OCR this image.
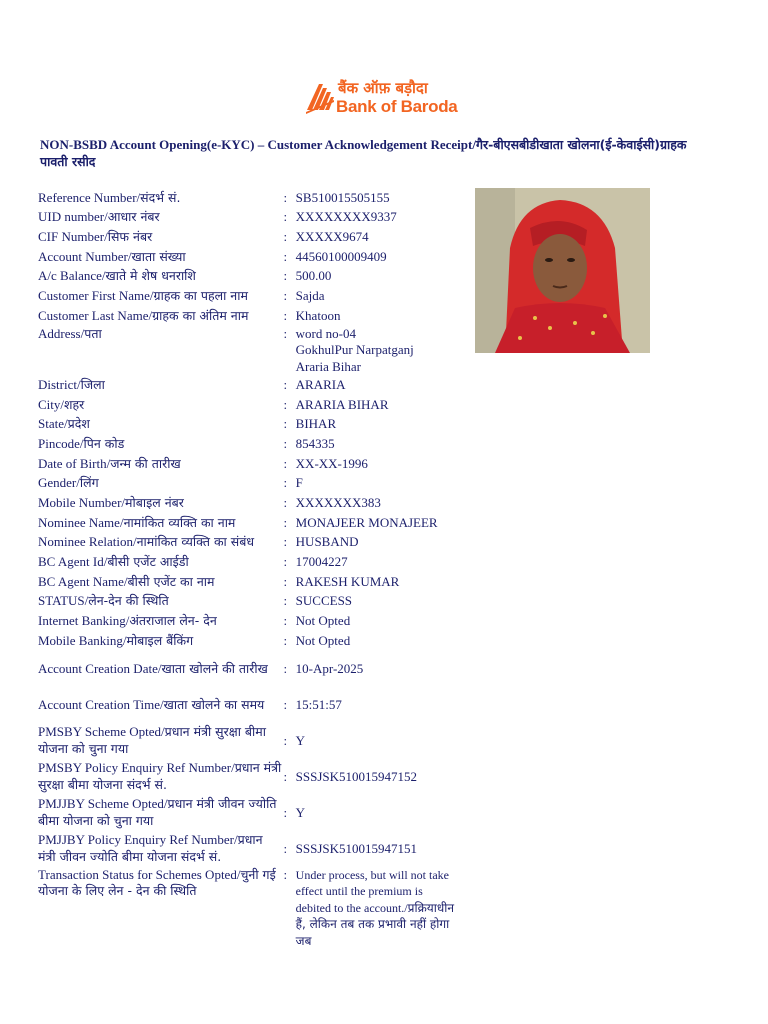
बैंक ऑफ़ बड़ौदा
Bank of Baroda
NON-BSBD Account Opening(e-KYC) – Customer Acknowledgement Receipt/गैर-बीएसबीडीखाता खोलना(ई-केवाईसी)ग्राहक पावती रसीद
Reference Number/संदर्भ सं.	:	SB510015505155
UID number/आधार नंबर	:	XXXXXXXX9337
CIF Number/सिफ नंबर	:	XXXXX9674
Account Number/खाता संख्या	:	44560100009409
A/c Balance/खाते मे शेष धनराशि	:	500.00
Customer First Name/ग्राहक का पहला नाम	:	Sajda
Customer Last Name/ग्राहक का अंतिम नाम	:	Khatoon
Address/पता	:	word no-04
GokhulPur Narpatganj
Araria Bihar

District/जिला	:	ARARIA
City/शहर	:	ARARIA BIHAR
State/प्रदेश	:	BIHAR
Pincode/पिन कोड	:	854335
Date of Birth/जन्म की तारीख	:	XX-XX-1996
Gender/लिंग	:	F
Mobile Number/मोबाइल नंबर	:	XXXXXXX383
Nominee Name/नामांकित व्यक्ति का नाम	:	MONAJEER MONAJEER
Nominee Relation/नामांकित व्यक्ति का संबंध	:	HUSBAND
BC Agent Id/बीसी एजेंट आईडी	:	17004227
BC Agent Name/बीसी एजेंट का नाम	:	RAKESH KUMAR
STATUS/लेन-देन की स्थिति	:	SUCCESS
Internet Banking/अंतराजाल लेन- देन	:	Not Opted
Mobile Banking/मोबाइल बैंकिंग	:	Not Opted
Account Creation Date/खाता खोलने की तारीख	:	10-Apr-2025
Account Creation Time/खाता खोलने का समय	:	15:51:57
PMSBY Scheme Opted/प्रधान मंत्री सुरक्षा बीमा योजना को चुना गया	:	Y
PMSBY Policy Enquiry Ref Number/प्रधान मंत्री सुरक्षा बीमा योजना संदर्भ सं.	:	SSSJSK510015947152
PMJJBY Scheme Opted/प्रधान मंत्री जीवन ज्योति बीमा योजना को चुना गया	:	Y
PMJJBY Policy Enquiry Ref Number/प्रधान मंत्री जीवन ज्योति बीमा योजना संदर्भ सं.	:	SSSJSK510015947151
Transaction Status for Schemes Opted/चुनी गई योजना के लिए लेन - देन की स्थिति	:	Under process, but will not take effect until the premium is debited to the account./प्रक्रियाधीन हैं, लेकिन तब तक प्रभावी नहीं होगा जब
